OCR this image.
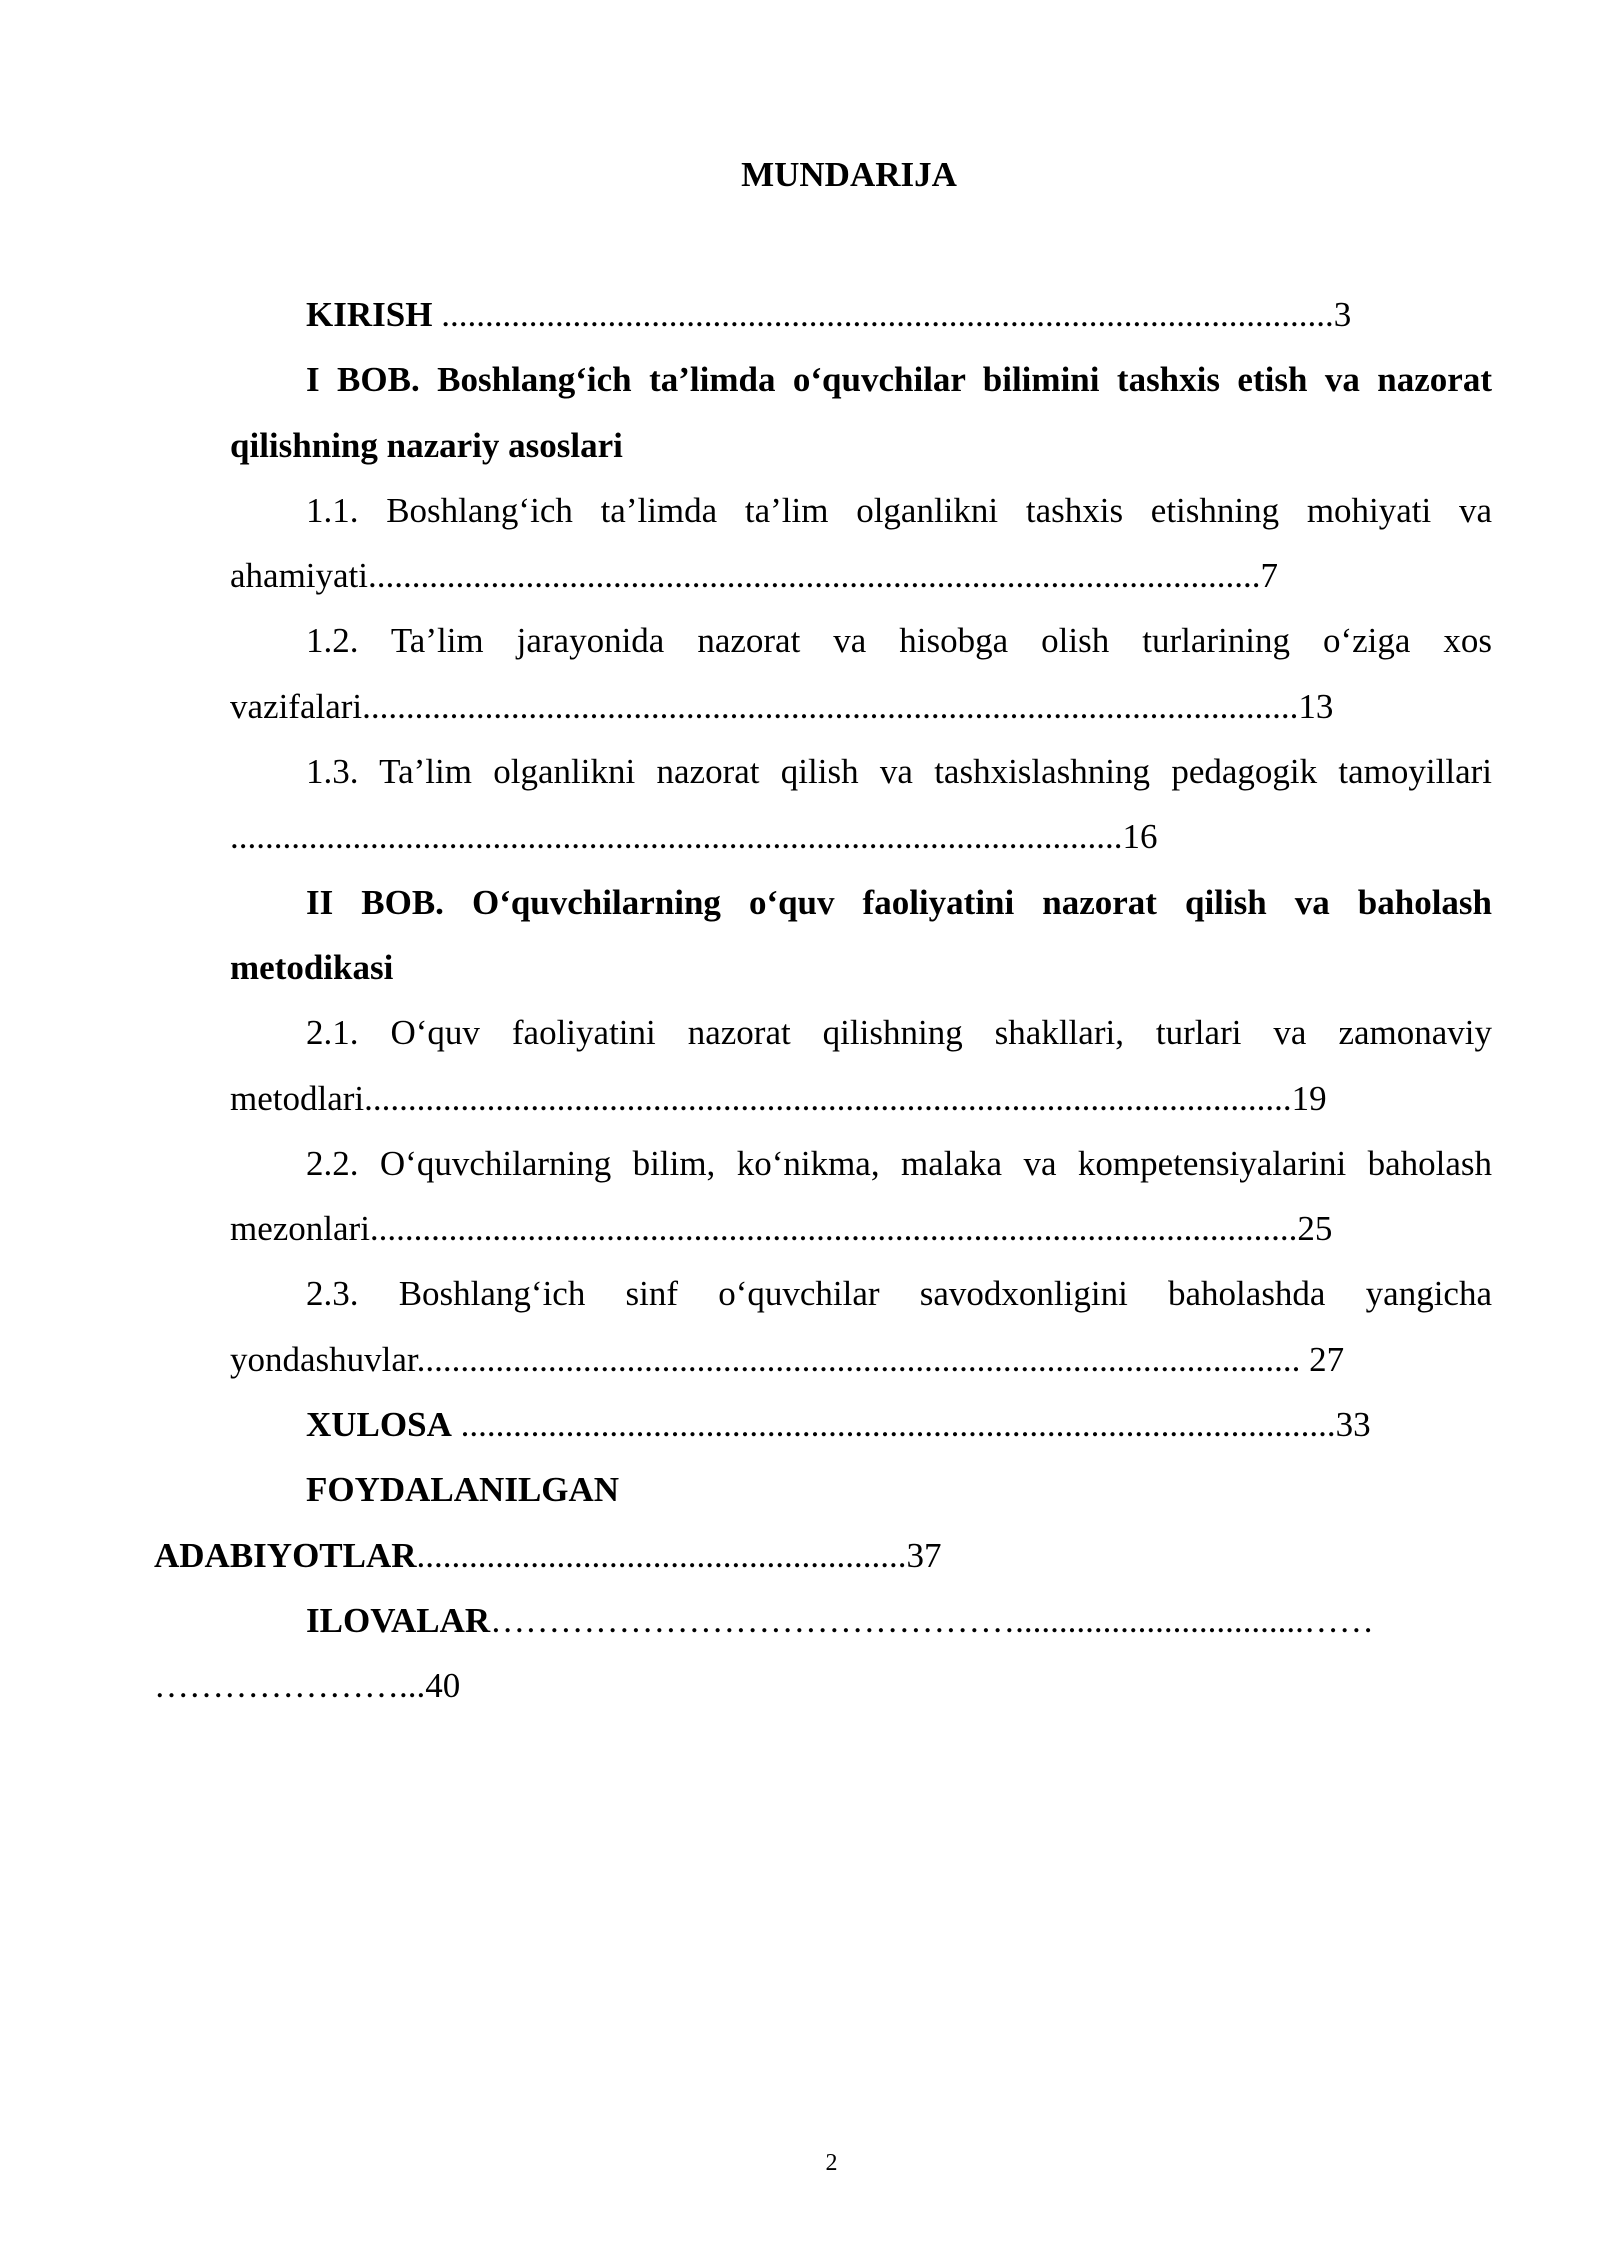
MUNDARIJA

KIRISH ......................................................................................................3

I BOB. Boshlang‘ich ta’limda o‘quvchilar bilimini tashxis etish va nazorat qilishning nazariy asoslari

1.1. Boshlang‘ich ta’limda ta’lim olganlikni tashxis etishning mohiyati va ahamiyati......................................................................................................7

1.2. Ta’lim jarayonida nazorat va hisobga olish turlarining o‘ziga xos vazifalari...........................................................................................................13

1.3. Ta’lim olganlikni nazorat qilish va tashxislashning pedagogik tamoyillari ......................................................................................................16

II BOB. O‘quvchilarning o‘quv faoliyatini nazorat qilish va baholash metodikasi

2.1. O‘quv faoliyatini nazorat qilishning shakllari, turlari va zamonaviy metodlari..........................................................................................................19

2.2. O‘quvchilarning bilim, ko‘nikma, malaka va kompetensiyalarini baholash mezonlari..........................................................................................................25

2.3. Boshlang‘ich sinf o‘quvchilar savodxonligini baholashda yangicha yondashuvlar..................................................................................................... 27

XULOSA ....................................................................................................33

FOYDALANILGAN
ADABIYOTLAR........................................................37

ILOVALAR……………………………………….................................……
…………………...40

2
